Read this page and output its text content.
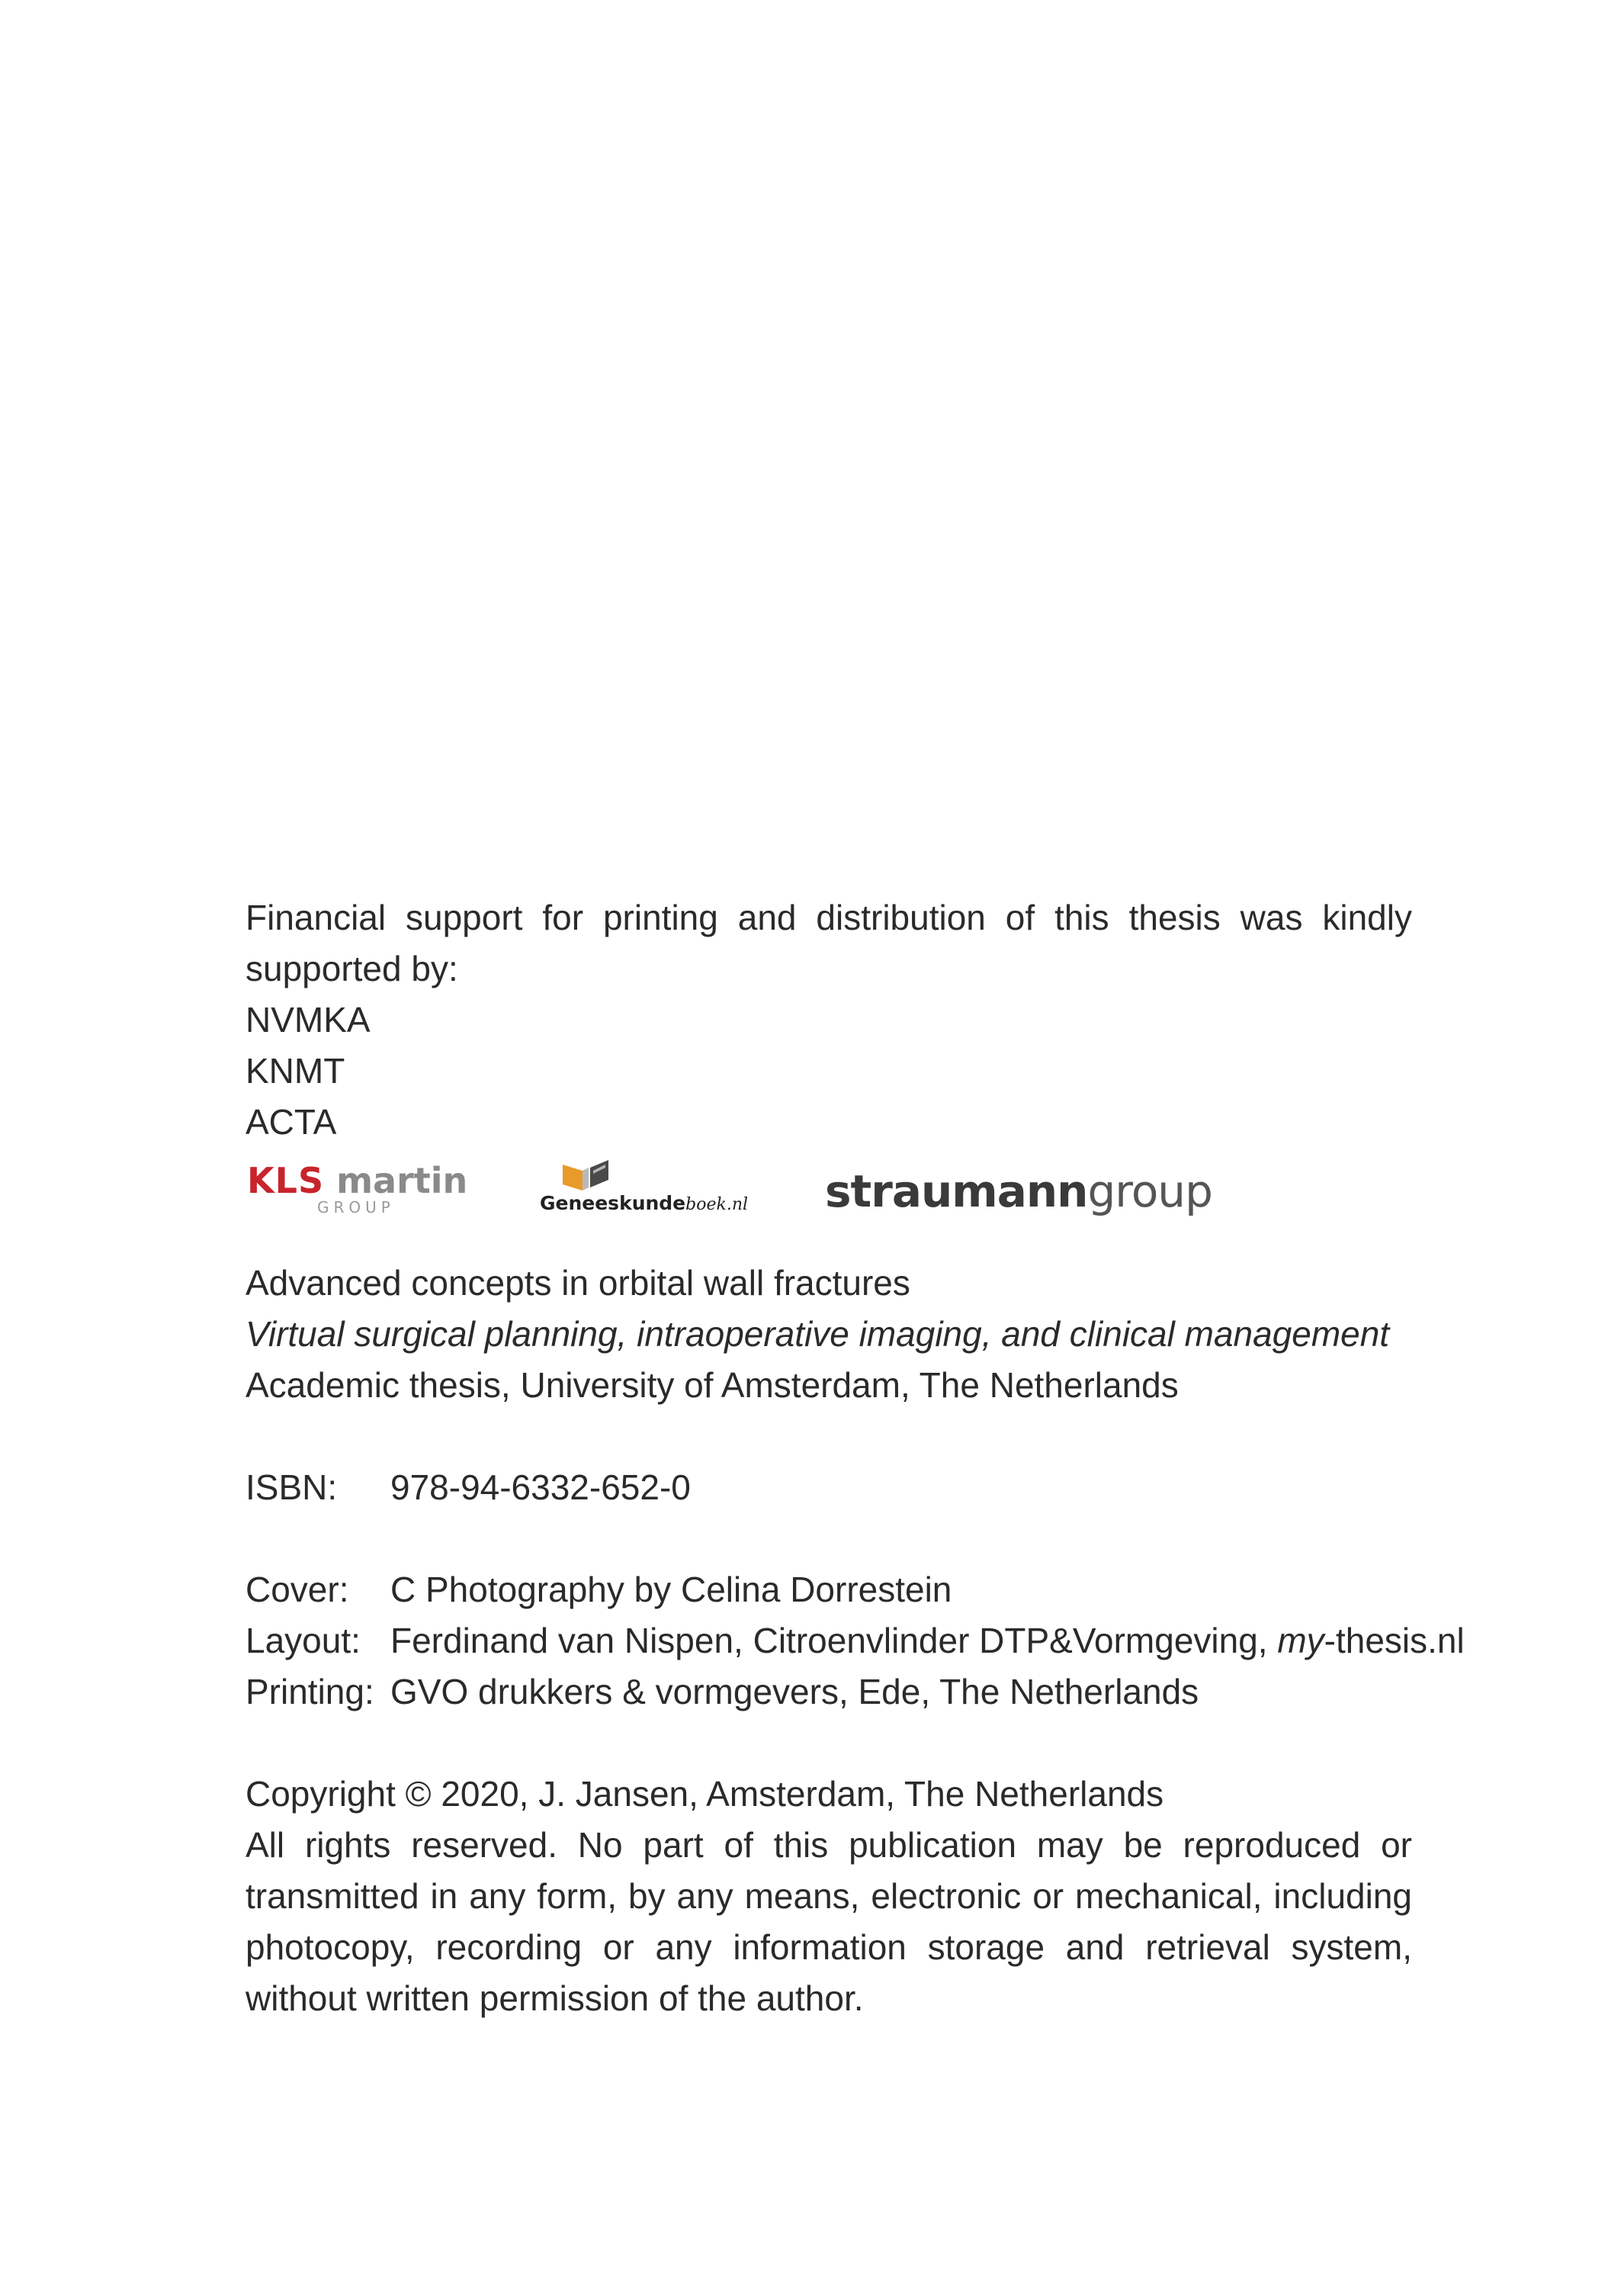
Financial support for printing and distribution of this thesis was kindly supported by:

NVMKA

KNMT

ACTA

KLS martin
GROUP	Geneeskundeboek.nl straumanngroup

Advanced concepts in orbital wall fractures

Virtual surgical planning, intraoperative imaging, and clinical management

Academic thesis, University of Amsterdam, The Netherlands

ISBN:	978-94-6332-652-0
Cover:	C Photography by Celina Dorrestein
Layout: Ferdinand van Nispen, Citroenvlinder DTP&Vormgeving, my-thesis.nl
Printing: GVO drukkers & vormgevers, Ede, The Netherlands

Copyright © 2020, J. Jansen, Amsterdam, The Netherlands

All rights reserved. No part of this publication may be reproduced or transmitted in any form, by any means, electronic or mechanical, including photocopy, recording or any information storage and retrieval system, without written permission of the author.
